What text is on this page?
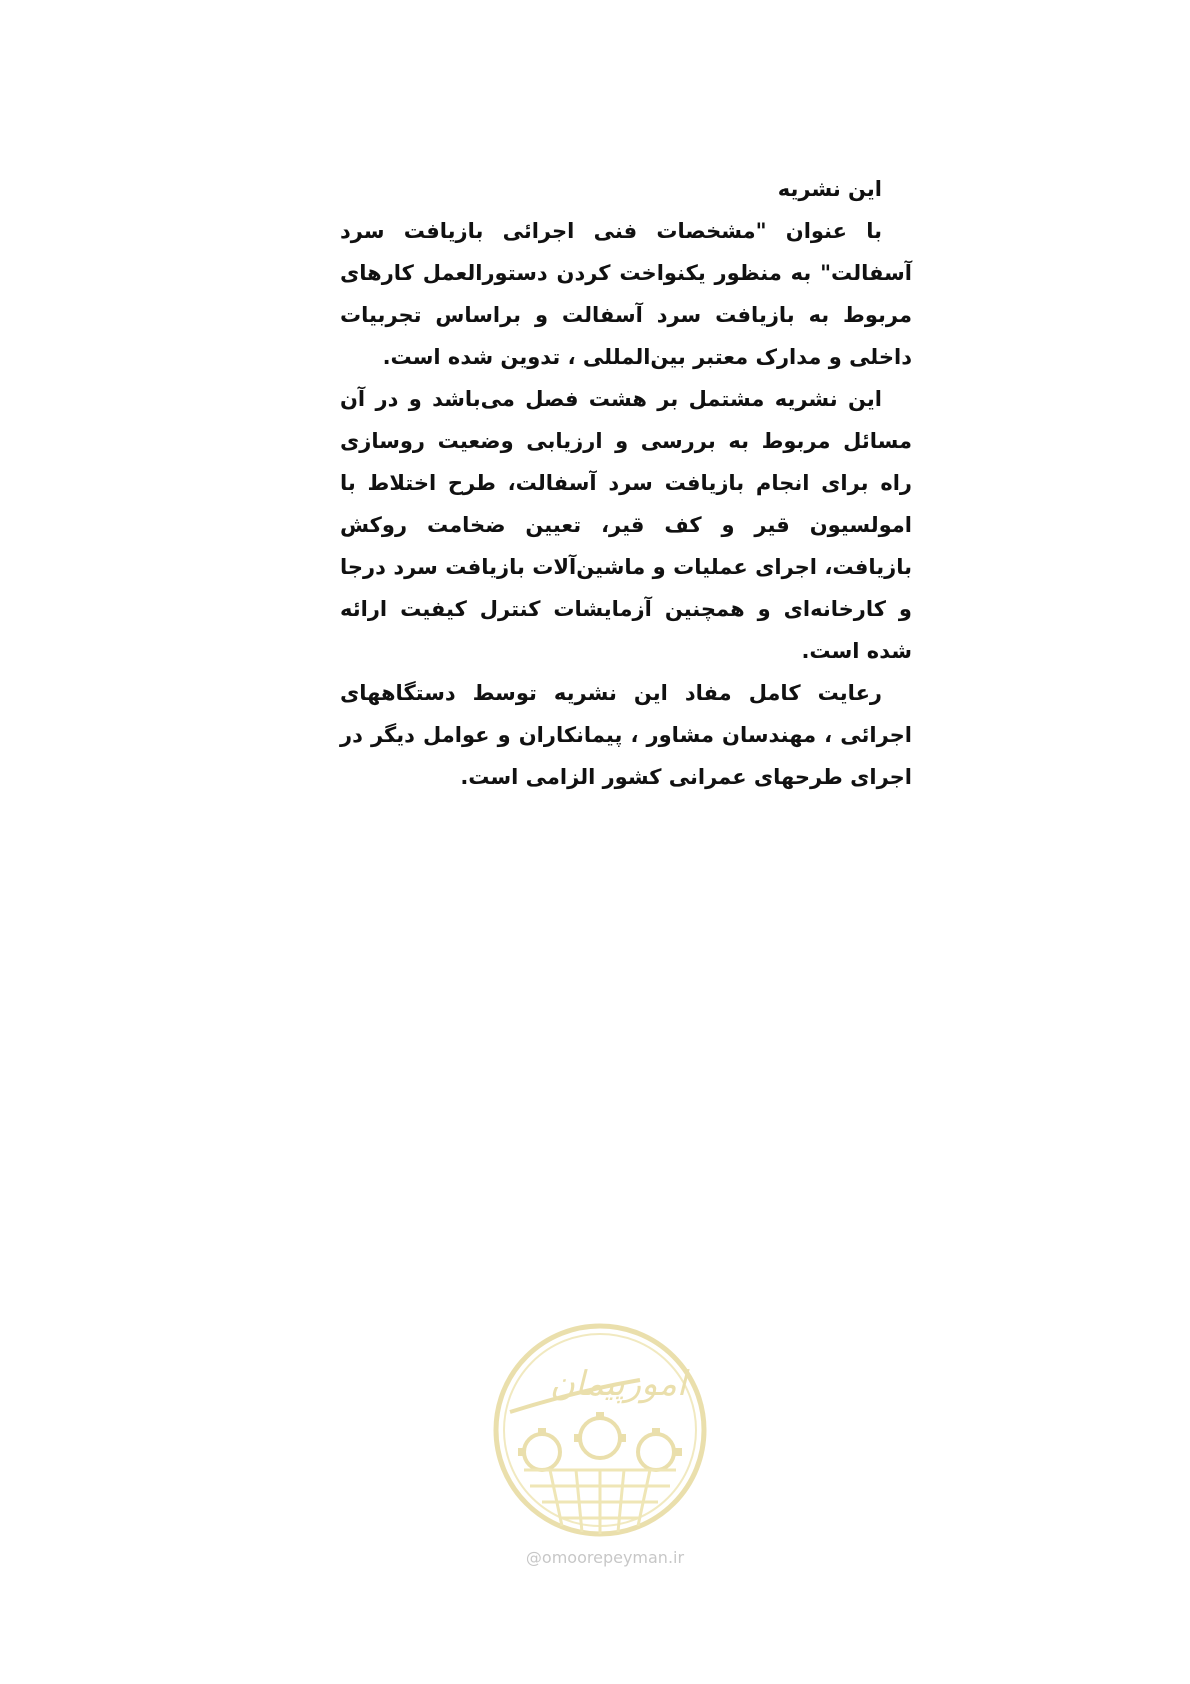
این نشریه

با عنوان "مشخصات فنی اجرائی بازیافت سرد آسفالت" به منظور یکنواخت کردن دستورالعمل کارهای مربوط به بازیافت سرد آسفالت و براساس تجربیات داخلی و مدارک معتبر بین‌المللی ، تدوین شده است.

این نشریه مشتمل بر هشت فصل می‌باشد و در آن مسائل مربوط به بررسی و ارزیابی وضعیت روسازی راه برای انجام بازیافت سرد آسفالت، طرح اختلاط با امولسیون قیر و کف قیر، تعیین ضخامت روکش بازیافت، اجرای عملیات و ماشین‌آلات بازیافت سرد درجا و کارخانه‌ای و همچنین آزمایشات کنترل کیفیت ارائه شده است.

رعایت کامل مفاد این نشریه توسط دستگاههای اجرائی ، مهندسان مشاور ، پیمانکاران و عوامل دیگر در اجرای طرحهای عمرانی کشور الزامی است.

امورپیمان
@omoorepeyman.ir
